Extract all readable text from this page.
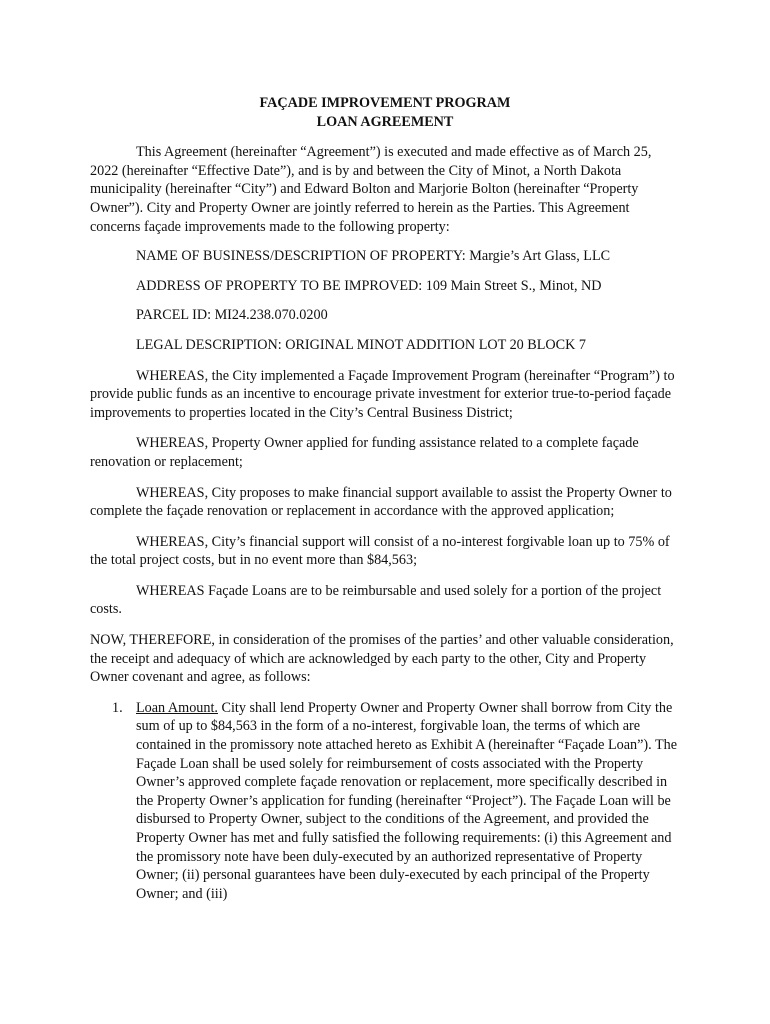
FAÇADE IMPROVEMENT PROGRAM

LOAN AGREEMENT

This Agreement (hereinafter “Agreement”) is executed and made effective as of March 25, 2022 (hereinafter “Effective Date”), and is by and between the City of Minot, a North Dakota municipality (hereinafter “City”) and Edward Bolton and Marjorie Bolton (hereinafter “Property Owner”). City and Property Owner are jointly referred to herein as the Parties. This Agreement concerns façade improvements made to the following property:

NAME OF BUSINESS/DESCRIPTION OF PROPERTY: Margie’s Art Glass, LLC

ADDRESS OF PROPERTY TO BE IMPROVED: 109 Main Street S., Minot, ND

PARCEL ID: MI24.238.070.0200

LEGAL DESCRIPTION: ORIGINAL MINOT ADDITION LOT 20 BLOCK 7

WHEREAS, the City implemented a Façade Improvement Program (hereinafter “Program”) to provide public funds as an incentive to encourage private investment for exterior true-to-period façade improvements to properties located in the City’s Central Business District;

WHEREAS, Property Owner applied for funding assistance related to a complete façade renovation or replacement;

WHEREAS, City proposes to make financial support available to assist the Property Owner to complete the façade renovation or replacement in accordance with the approved application;

WHEREAS, City’s financial support will consist of a no-interest forgivable loan up to 75% of the total project costs, but in no event more than $84,563;

WHEREAS Façade Loans are to be reimbursable and used solely for a portion of the project costs.

NOW, THEREFORE, in consideration of the promises of the parties’ and other valuable consideration, the receipt and adequacy of which are acknowledged by each party to the other, City and Property Owner covenant and agree, as follows:

1. Loan Amount. City shall lend Property Owner and Property Owner shall borrow from City the sum of up to $84,563 in the form of a no-interest, forgivable loan, the terms of which are contained in the promissory note attached hereto as Exhibit A (hereinafter “Façade Loan”). The Façade Loan shall be used solely for reimbursement of costs associated with the Property Owner’s approved complete façade renovation or replacement, more specifically described in the Property Owner’s application for funding (hereinafter “Project”). The Façade Loan will be disbursed to Property Owner, subject to the conditions of the Agreement, and provided the Property Owner has met and fully satisfied the following requirements: (i) this Agreement and the promissory note have been duly-executed by an authorized representative of Property Owner; (ii) personal guarantees have been duly-executed by each principal of the Property Owner; and (iii)
